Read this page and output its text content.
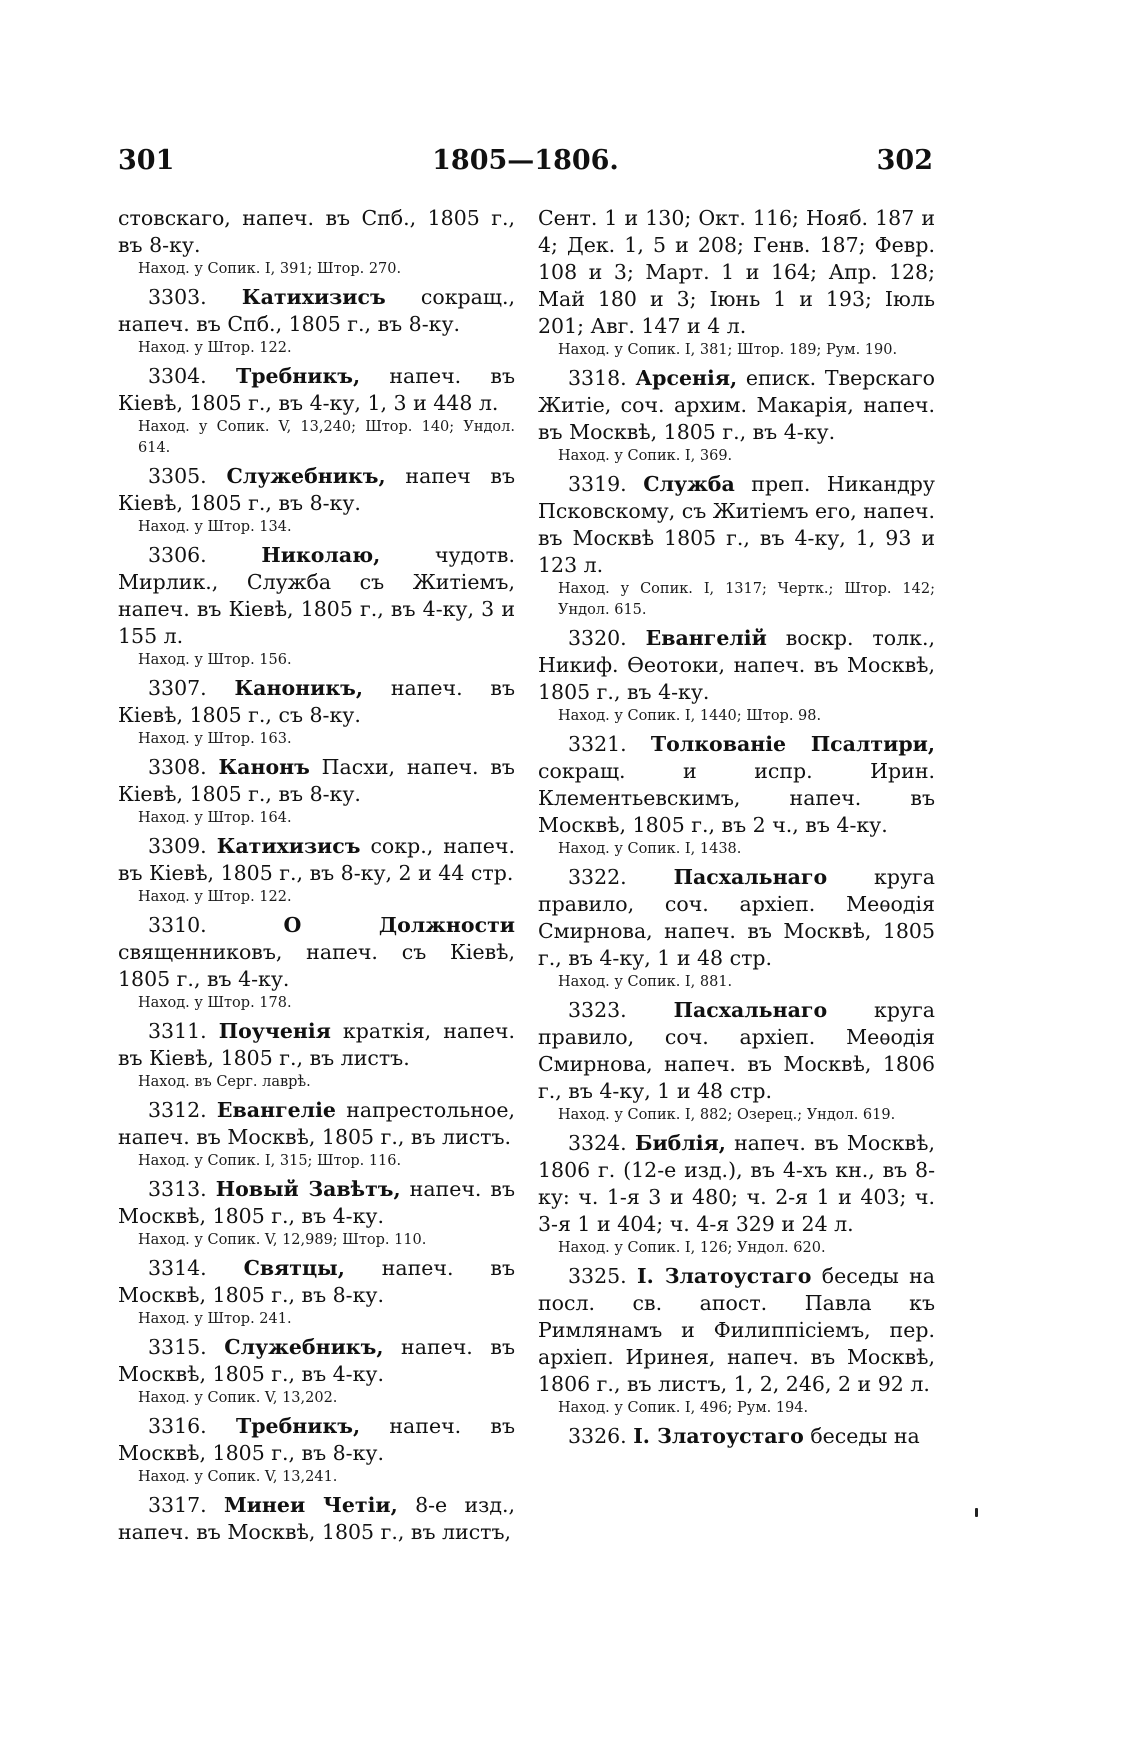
301	1805—1806.	302
стовскаго, напеч. въ Спб., 1805 г., въ 8-ку.
Наход. у Сопик. I, 391; Штор. 270.
3303. Катихизисъ сокращ., напеч. въ Спб., 1805 г., въ 8-ку.
Наход. у Штор. 122.
3304. Требникъ, напеч. въ Кіевѣ, 1805 г., въ 4-ку, 1, 3 и 448 л.
Наход. у Сопик. V, 13,240; Штор. 140; Ундол. 614.
3305. Служебникъ, напеч въ Кіевѣ, 1805 г., въ 8-ку.
Наход. у Штор. 134.
3306.	Николаю, чудотв. Мирлик., Служба съ Житіемъ, напеч. въ Кіевѣ, 1805 г., въ 4-ку, 3 и 155 л.
Наход. у Штор. 156.
3307. Каноникъ, напеч. въ Кіевѣ, 1805 г., съ 8-ку.
Наход. у Штор. 163.
3308. Канонъ Пасхи, напеч. въ Кіевѣ, 1805 г., въ 8-ку.
Наход. у Штор. 164.
3309. Катихизисъ сокр., напеч. въ Кіевѣ, 1805 г., въ 8-ку, 2 и 44 стр.
Наход. у Штор. 122.
3310.	О Должности священниковъ, напеч. съ Кіевѣ, 1805 г., въ 4-ку.
Наход. у Штор. 178.
3311. Поученія краткія, напеч. въ Кіевѣ, 1805 г., въ листъ.
Наход. въ Серг. лаврѣ.
3312. Евангеліе напрестольное, напеч. въ Москвѣ, 1805 г., въ листъ.
Наход. у Сопик. I, 315; Штор. 116.
3313. Новый Завѣтъ, напеч. въ Москвѣ, 1805 г., въ 4-ку.
Наход. у Сопик. V, 12,989; Штор. 110.
3314. Святцы, напеч. въ Москвѣ, 1805 г., въ 8-ку.
Наход. у Штор. 241.
3315. Служебникъ, напеч. въ Москвѣ, 1805 г., въ 4-ку.
Наход. у Сопик. V, 13,202.
3316. Требникъ, напеч. въ Москвѣ, 1805 г., въ 8-ку.
Наход. у Сопик. V, 13,241.
3317. Минеи Четіи, 8-е изд., напеч. въ Москвѣ, 1805 г., въ листъ,
Сент. 1 и 130; Окт. 116; Нояб. 187 и 4; Дек. 1, 5 и 208; Генв. 187; Февр. 108 и 3; Март. 1 и 164; Апр. 128; Май 180 и 3; Іюнь 1 и 193; Іюль 201; Авг. 147 и 4 л.
Наход. у Сопик. I, 381; Штор. 189; Рум. 190.
3318. Арсенія, еписк. Тверскаго Житіе, соч. архим. Макарія, напеч. въ Москвѣ, 1805 г., въ 4-ку.
Наход. у Сопик. I, 369.
3319. Служба преп. Никандру Псковскому, съ Житіемъ его, напеч. въ Москвѣ 1805 г., въ 4-ку, 1, 93 и 123 л.
Наход. у Сопик. I, 1317; Чертк.; Штор. 142; Ундол. 615.
3320. Евангелій воскр. толк., Никиф. Ѳеотоки, напеч. въ Москвѣ, 1805 г., въ 4-ку.
Наход. у Сопик. I, 1440; Штор. 98.
3321. Толкованіе Псалтири, сокращ. и испр. Ирин. Клементьевскимъ, напеч. въ Москвѣ, 1805 г., въ 2 ч., въ 4-ку.
Наход. у Сопик. I, 1438.
3322. Пасхальнаго круга правило, соч. архіеп. Меѳодія Смирнова, напеч. въ Москвѣ, 1805 г., въ 4-ку, 1 и 48 стр.
Наход. у Сопик. I, 881.
3323. Пасхальнаго круга правило, соч. архіеп. Меѳодія Смирнова, напеч. въ Москвѣ, 1806 г., въ 4-ку, 1 и 48 стр.
Наход. у Сопик. I, 882; Озерец.; Ундол. 619.
3324. Библія, напеч. въ Москвѣ, 1806 г. (12-е изд.), въ 4-хъ кн., въ 8-ку: ч. 1-я 3 и 480; ч. 2-я 1 и 403; ч. 3-я 1 и 404; ч. 4-я 329 и 24 л.
Наход. у Сопик. I, 126; Ундол. 620.
3325. I. Златоустаго беседы на посл. св. апост. Павла къ Римлянамъ и Филиппісіемъ, пер. архіеп. Иринея, напеч. въ Москвѣ, 1806 г., въ листъ, 1, 2, 246, 2 и 92 л.
Наход. у Сопик. I, 496; Рум. 194.
3326. I. Златоустаго беседы на
